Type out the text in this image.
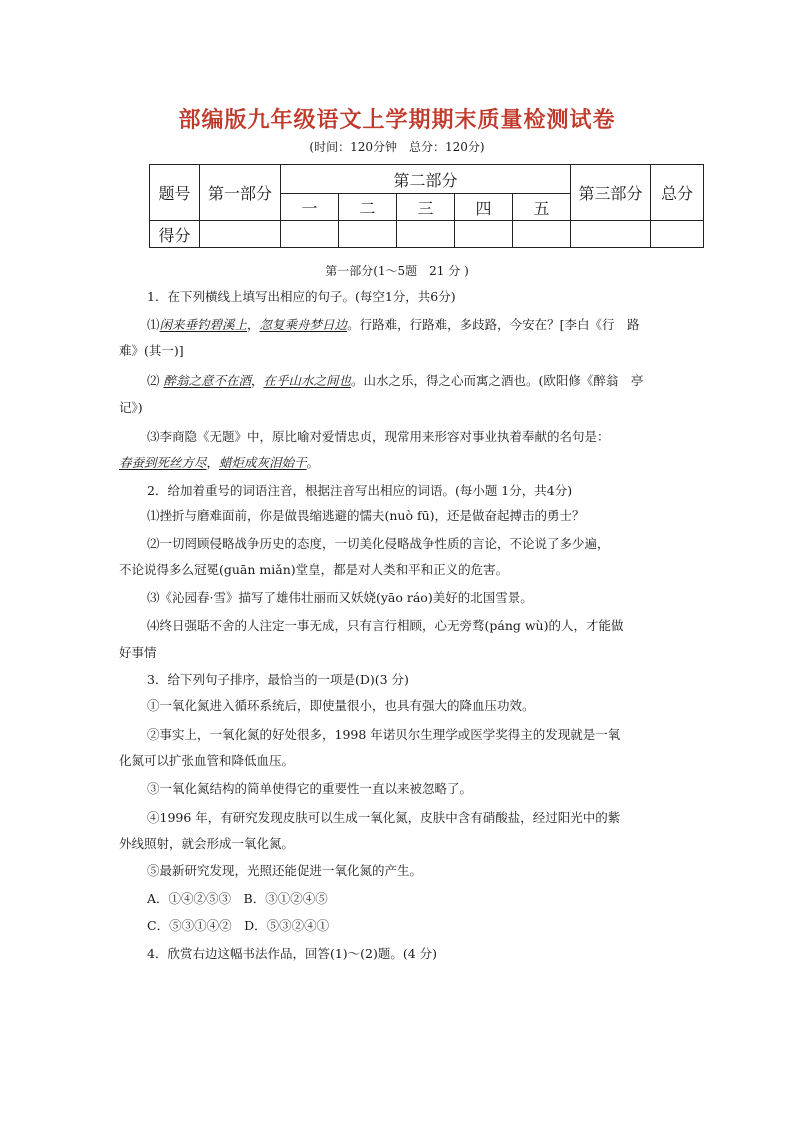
部编版九年级语文上学期期末质量检测试卷
(时间：120分钟　总分：120分)
题号	第一部分	第二部分					第三部分	总分
		一	二	三	四	五		
得分								
第一部分(1～5题　21 分 )
1．在下列横线上填写出相应的句子。(每空1分，共6分)
⑴闲来垂钓碧溪上，忽复乘舟梦日边。行路难，行路难，多歧路，今安在？[李白《行　路
难》(其一)]
⑵ 醉翁之意不在酒，在乎山水之间也。山水之乐，得之心而寓之酒也。(欧阳修《醉翁　亭
记》)
⑶李商隐《无题》中，原比喻对爱情忠贞，现常用来形容对事业执着奉献的名句是：
春蚕到死丝方尽，蜡炬成灰泪始干。
2．给加着重号的词语注音，根据注音写出相应的词语。(每小题 1分，共4分)
⑴挫折与磨难面前，你是做畏缩逃避的懦夫(nuò fū)，还是做奋起搏击的勇士？
⑵一切罔顾侵略战争历史的态度，一切美化侵略战争性质的言论，不论说了多少遍，
不论说得多么冠冕(guān miǎn)堂皇，都是对人类和平和正义的危害。
⑶《沁园春·雪》描写了雄伟壮丽而又妖娆(yāo ráo)美好的北国雪景。
⑷终日强聒不舍的人注定一事无成，只有言行相顾，心无旁骛(páng wù)的人，才能做
好事情
3．给下列句子排序，最恰当的一项是(D)(3 分)
①一氧化氮进入循环系统后，即使量很小，也具有强大的降血压功效。
②事实上，一氧化氮的好处很多，1998 年诺贝尔生理学或医学奖得主的发现就是一氧
化氮可以扩张血管和降低血压。
③一氧化氮结构的简单使得它的重要性一直以来被忽略了。
④1996 年，有研究发现皮肤可以生成一氧化氮，皮肤中含有硝酸盐，经过阳光中的紫
外线照射，就会形成一氧化氮。
⑤最新研究发现，光照还能促进一氧化氮的产生。
A．①④②⑤③　B．③①②④⑤
C．⑤③①④②　D．⑤③②④①
4．欣赏右边这幅书法作品，回答(1)～(2)题。(4 分)
